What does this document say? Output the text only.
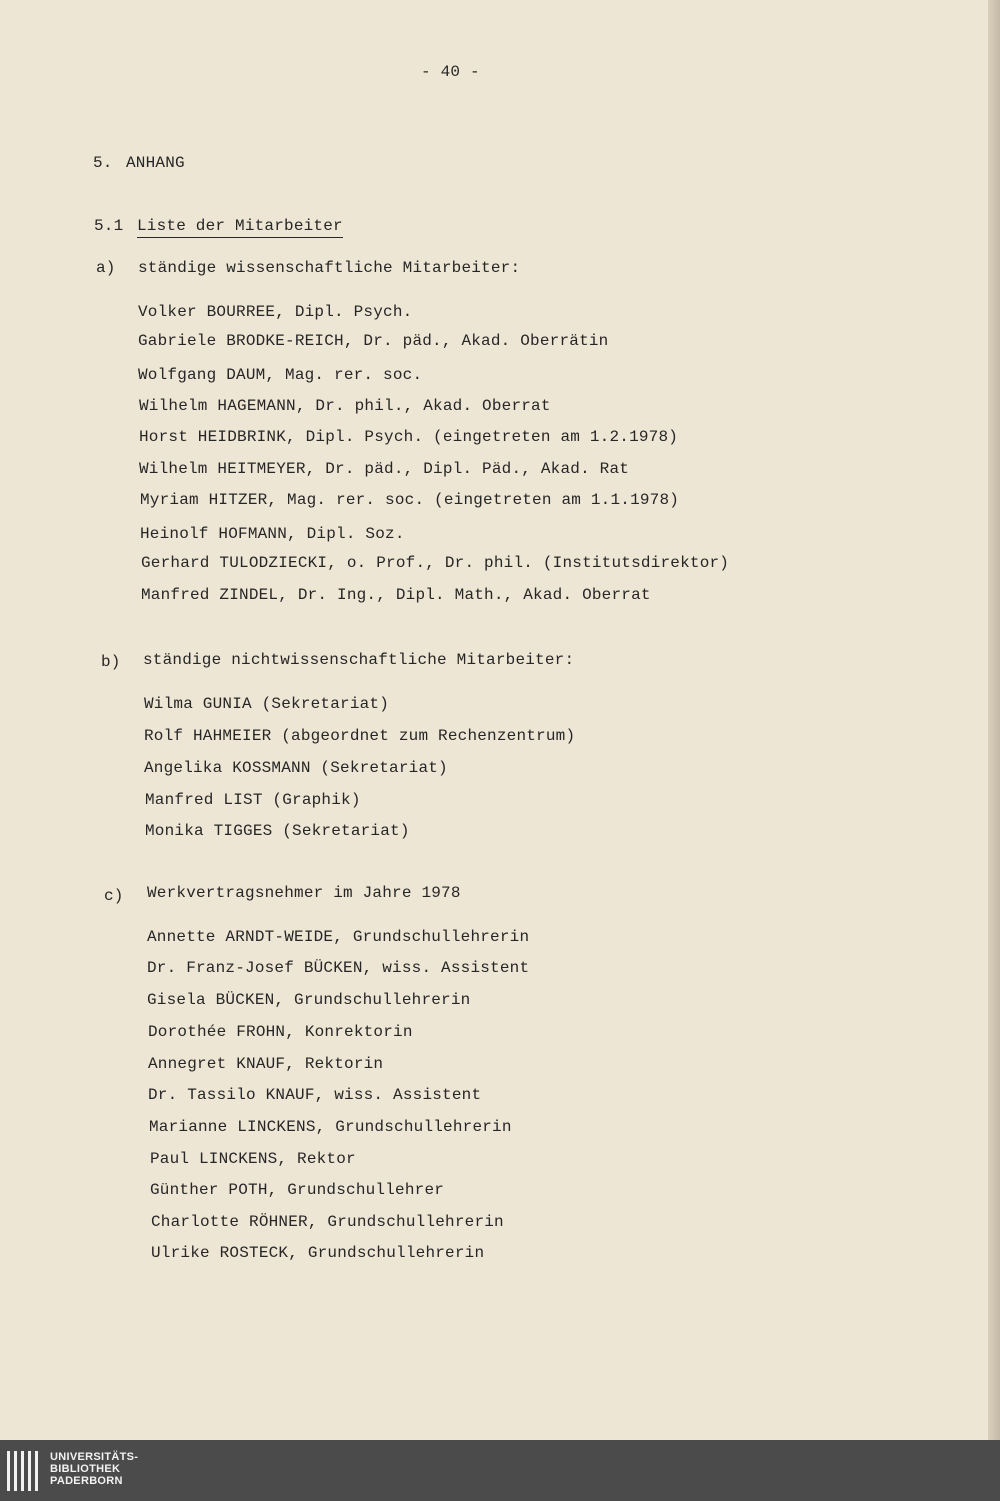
- 40 -
5. ANHANG
5.1 Liste der Mitarbeiter
a) ständige wissenschaftliche Mitarbeiter:
Volker BOURREE, Dipl. Psych.
Gabriele BRODKE-REICH, Dr. päd., Akad. Oberrätin
Wolfgang DAUM, Mag. rer. soc.
Wilhelm HAGEMANN, Dr. phil., Akad. Oberrat
Horst HEIDBRINK, Dipl. Psych. (eingetreten am 1.2.1978)
Wilhelm HEITMEYER, Dr. päd., Dipl. Päd., Akad. Rat
Myriam HITZER, Mag. rer. soc. (eingetreten am 1.1.1978)
Heinolf HOFMANN, Dipl. Soz.
Gerhard TULODZIECKI, o. Prof., Dr. phil. (Institutsdirektor)
Manfred ZINDEL, Dr. Ing., Dipl. Math., Akad. Oberrat
b) ständige nichtwissenschaftliche Mitarbeiter:
Wilma GUNIA (Sekretariat)
Rolf HAHMEIER (abgeordnet zum Rechenzentrum)
Angelika KOSSMANN (Sekretariat)
Manfred LIST (Graphik)
Monika TIGGES (Sekretariat)
c) Werkvertragsnehmer im Jahre 1978
Annette ARNDT-WEIDE, Grundschullehrerin
Dr. Franz-Josef BÜCKEN, wiss. Assistent
Gisela BÜCKEN, Grundschullehrerin
Dorothée FROHN, Konrektorin
Annegret KNAUF, Rektorin
Dr. Tassilo KNAUF, wiss. Assistent
Marianne LINCKENS, Grundschullehrerin
Paul LINCKENS, Rektor
Günther POTH, Grundschullehrer
Charlotte RÖHNER, Grundschullehrerin
Ulrike ROSTECK, Grundschullehrerin
UNIVERSITÄTS-
BIBLIOTHEK
PADERBORN
